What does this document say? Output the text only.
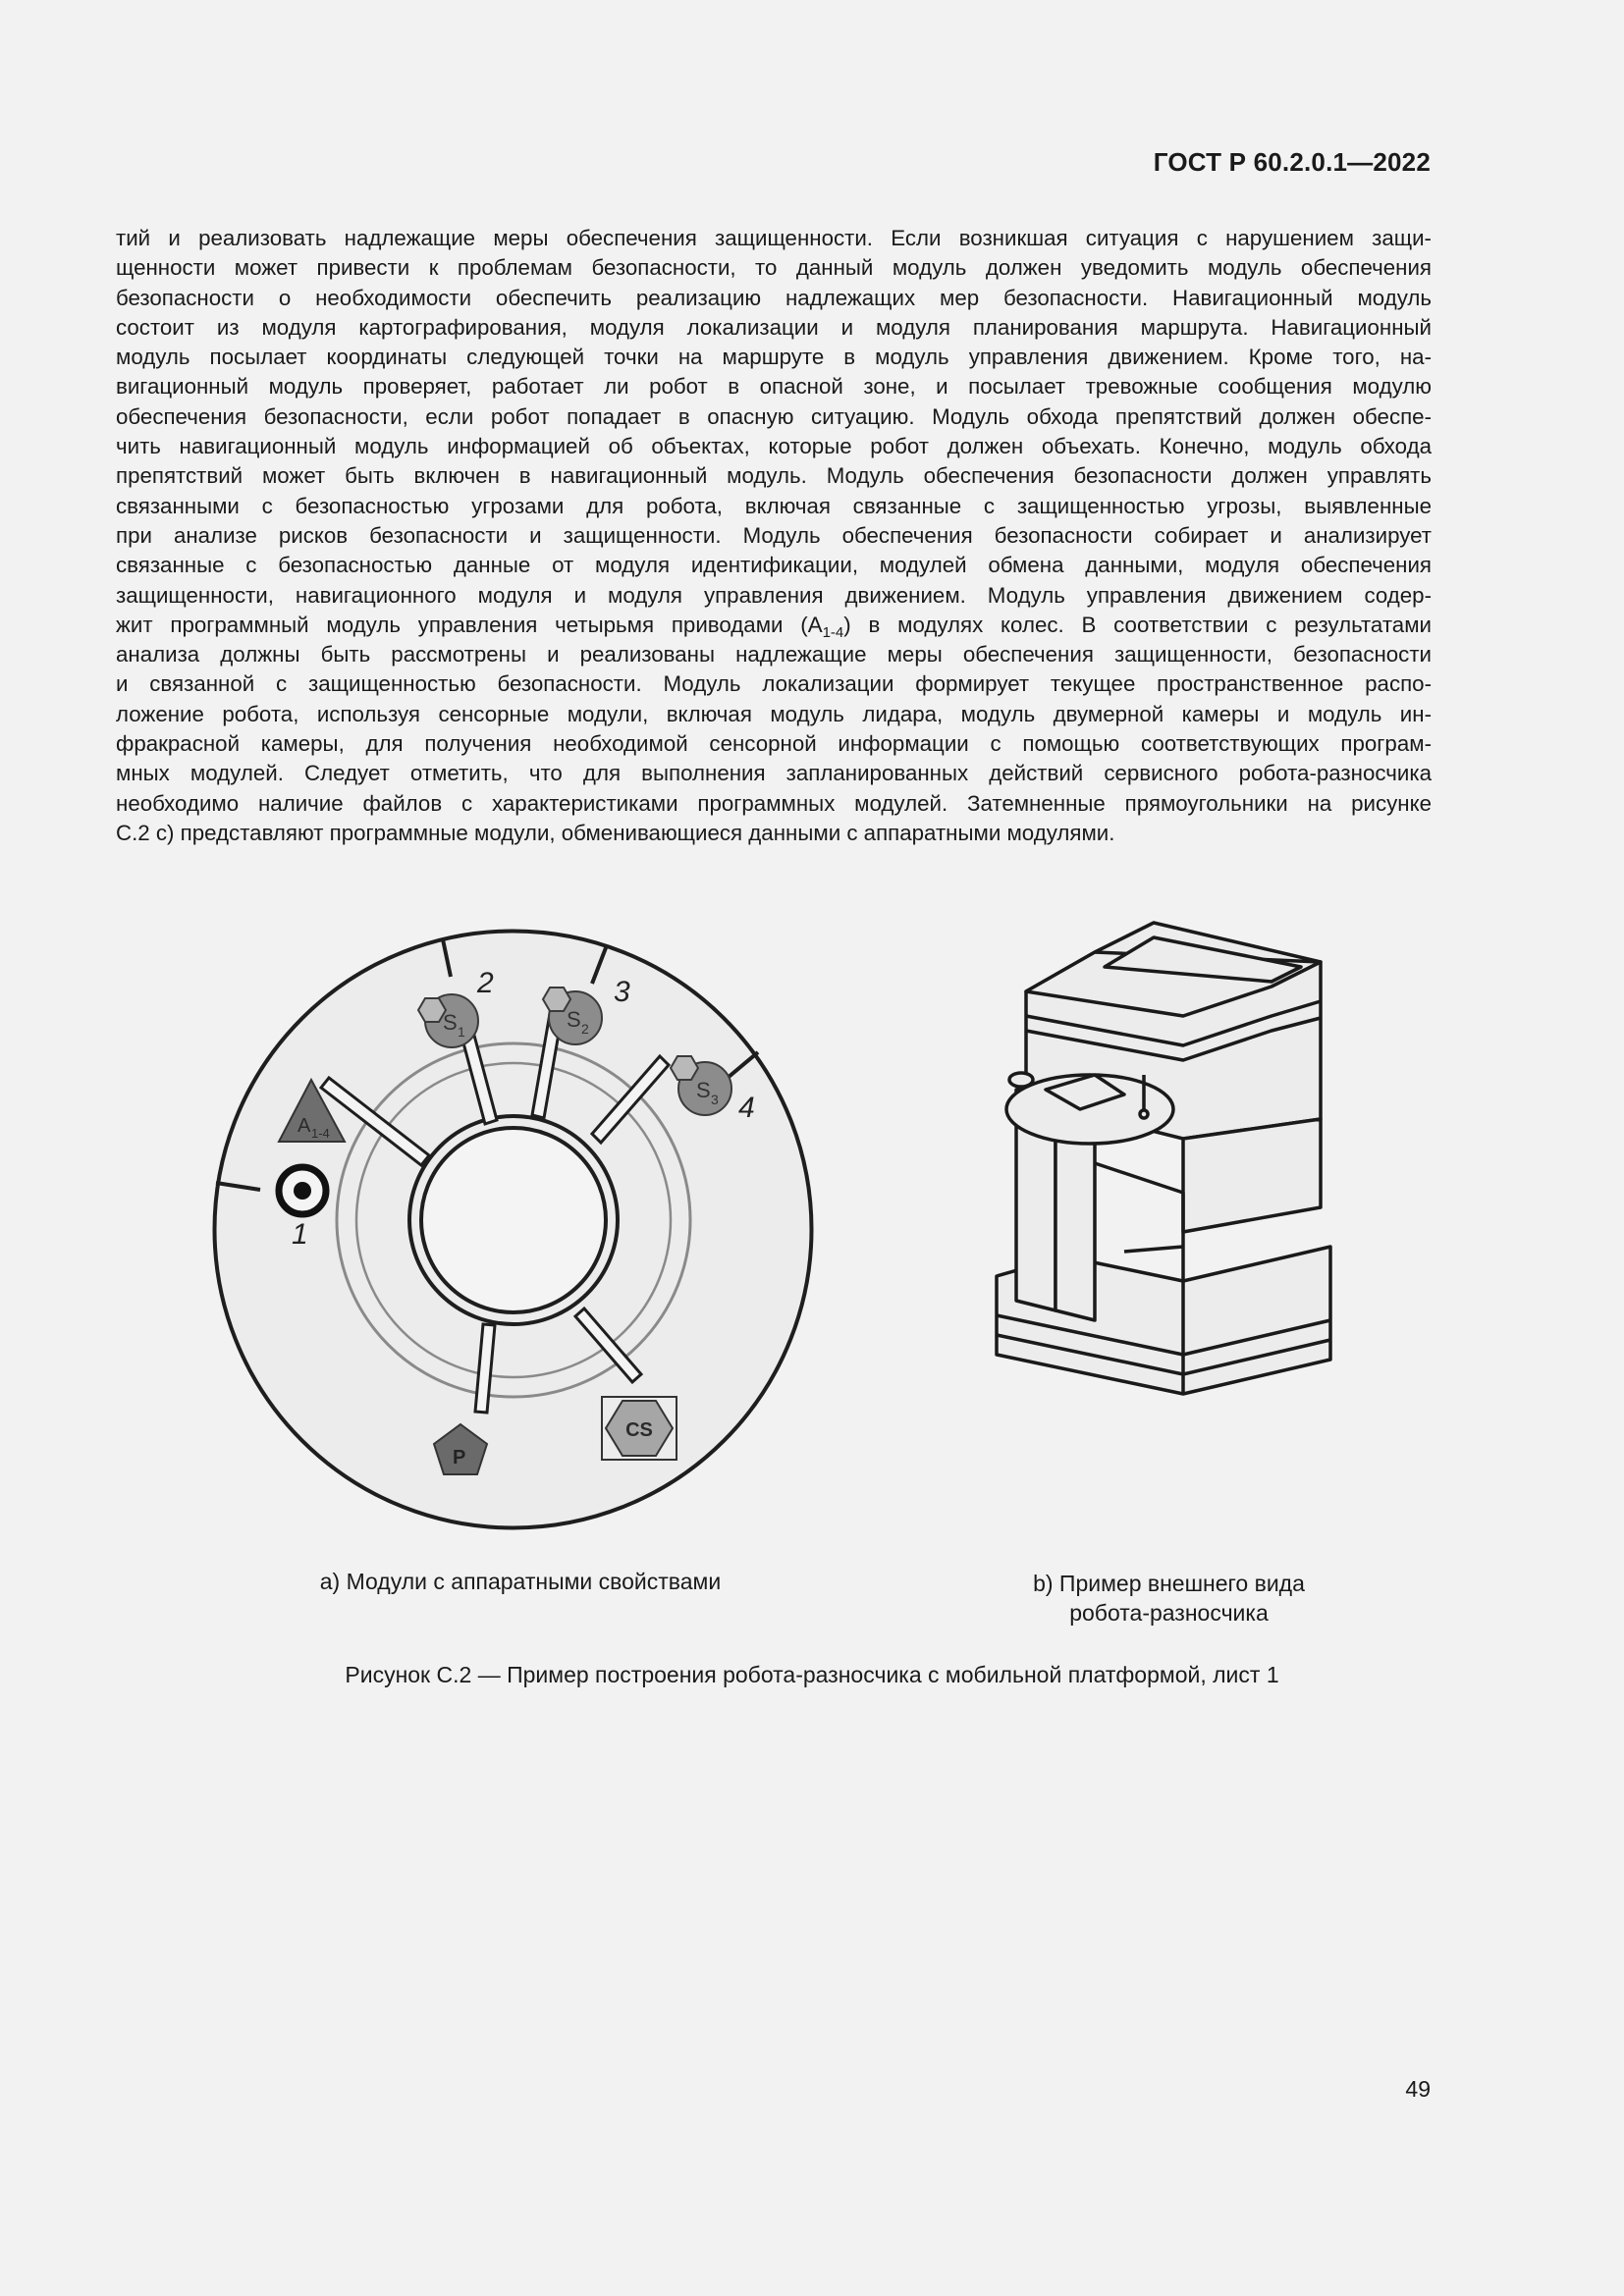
ГОСТ Р 60.2.0.1—2022

тий и реализовать надлежащие меры обеспечения защищенности. Если возникшая ситуация с нарушением защи-
щенности может привести к проблемам безопасности, то данный модуль должен уведомить модуль обеспечения
безопасности о необходимости обеспечить реализацию надлежащих мер безопасности. Навигационный модуль
состоит из модуля картографирования, модуля локализации и модуля планирования маршрута. Навигационный
модуль посылает координаты следующей точки на маршруте в модуль управления движением. Кроме того, на-
вигационный модуль проверяет, работает ли робот в опасной зоне, и посылает тревожные сообщения модулю
обеспечения безопасности, если робот попадает в опасную ситуацию. Модуль обхода препятствий должен обеспе-
чить навигационный модуль информацией об объектах, которые робот должен объехать. Конечно, модуль обхода
препятствий может быть включен в навигационный модуль. Модуль обеспечения безопасности должен управлять
связанными с безопасностью угрозами для робота, включая связанные с защищенностью угрозы, выявленные
при анализе рисков безопасности и защищенности. Модуль обеспечения безопасности собирает и анализирует
связанные с безопасностью данные от модуля идентификации, модулей обмена данными, модуля обеспечения
защищенности, навигационного модуля и модуля управления движением. Модуль управления движением содер-
жит программный модуль управления четырьмя приводами $(A_{1-4})$ в модулях колес. В соответствии с результатами
анализа должны быть рассмотрены и реализованы надлежащие меры обеспечения защищенности, безопасности
и связанной с защищенностью безопасности. Модуль локализации формирует текущее пространственное распо-
ложение робота, используя сенсорные модули, включая модуль лидара, модуль двумерной камеры и модуль ин-
фракрасной камеры, для получения необходимой сенсорной информации с помощью соответствующих програм-
мных модулей. Следует отметить, что для выполнения запланированных действий сервисного робота-разносчика
необходимо наличие файлов с характеристиками программных модулей. Затемненные прямоугольники на рисунке
С.2 c) представляют программные модули, обменивающиеся данными с аппаратными модулями.

S 1	S 2
S 3
A 1-4
P
CS
1
2	3
4
a) Модули с аппаратными свойствами	b) Пример внешнего вида
робота-разносчика
Рисунок С.2 — Пример построения робота-разносчика с мобильной платформой, лист 1
49
